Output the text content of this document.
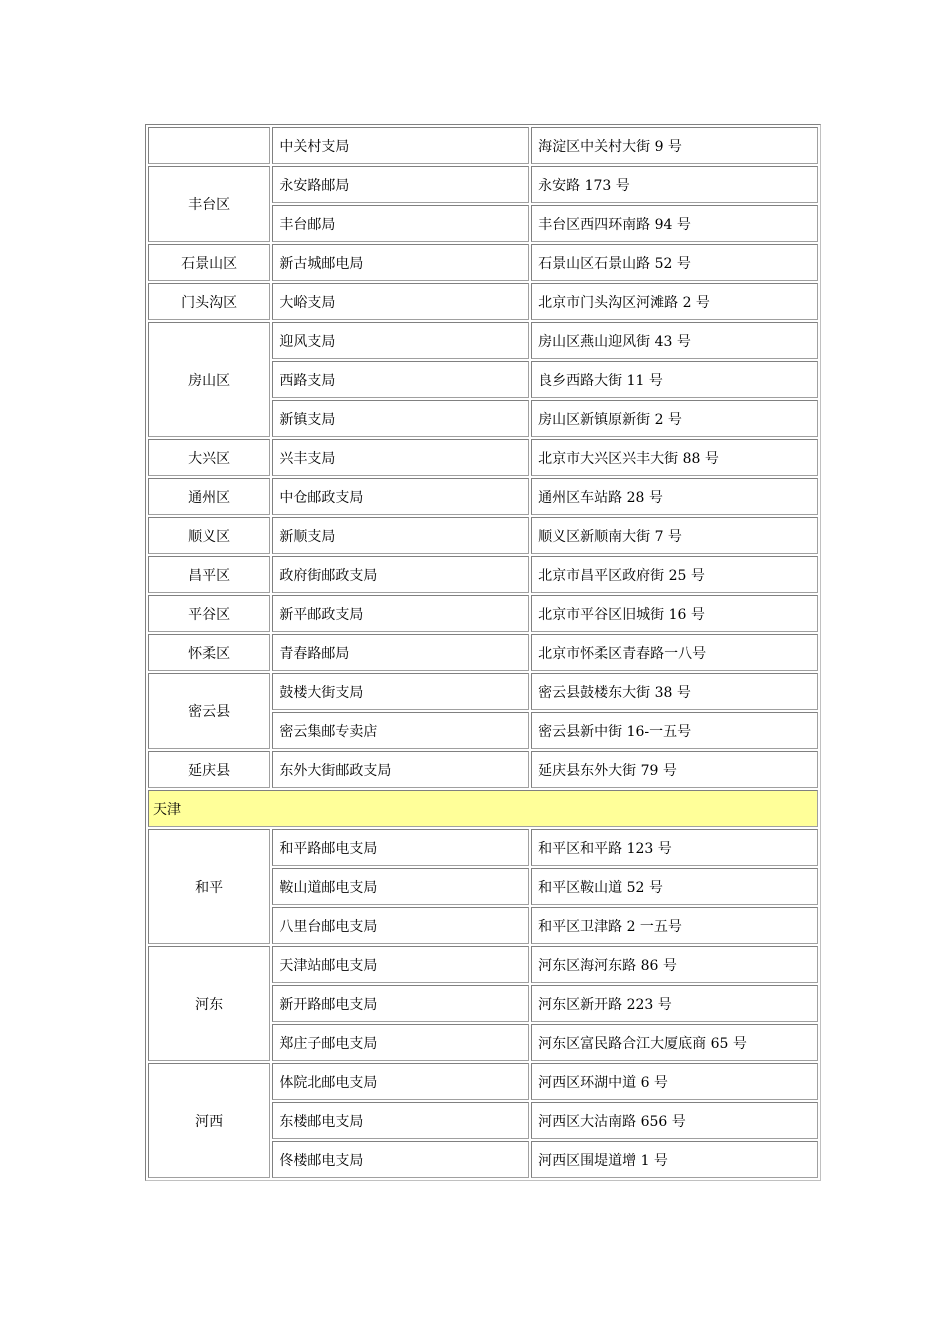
	中关村支局	海淀区中关村大街 9 号
丰台区	永安路邮局	永安路 173 号
	丰台邮局	丰台区西四环南路 94 号
石景山区	新古城邮电局	石景山区石景山路 52 号
门头沟区	大峪支局	北京市门头沟区河滩路 2 号
房山区	迎风支局	房山区燕山迎风街 43 号
	西路支局	良乡西路大街 11 号
	新镇支局	房山区新镇原新街 2 号
大兴区	兴丰支局	北京市大兴区兴丰大街 88 号
通州区	中仓邮政支局	通州区车站路 28 号
顺义区	新顺支局	顺义区新顺南大街 7 号
昌平区	政府街邮政支局	北京市昌平区政府街 25 号
平谷区	新平邮政支局	北京市平谷区旧城街 16 号
怀柔区	青春路邮局	北京市怀柔区青春路一八号
密云县	鼓楼大街支局	密云县鼓楼东大街 38 号
	密云集邮专卖店	密云县新中街 16-一五号
延庆县	东外大街邮政支局	延庆县东外大街 79 号
天津		
和平	和平路邮电支局	和平区和平路 123 号
	鞍山道邮电支局	和平区鞍山道 52 号
	八里台邮电支局	和平区卫津路 2 一五号
河东	天津站邮电支局	河东区海河东路 86 号
	新开路邮电支局	河东区新开路 223 号
	郑庄子邮电支局	河东区富民路合江大厦底商 65 号
河西	体院北邮电支局	河西区环湖中道 6 号
	东楼邮电支局	河西区大沽南路 656 号
	佟楼邮电支局	河西区围堤道增 1 号
